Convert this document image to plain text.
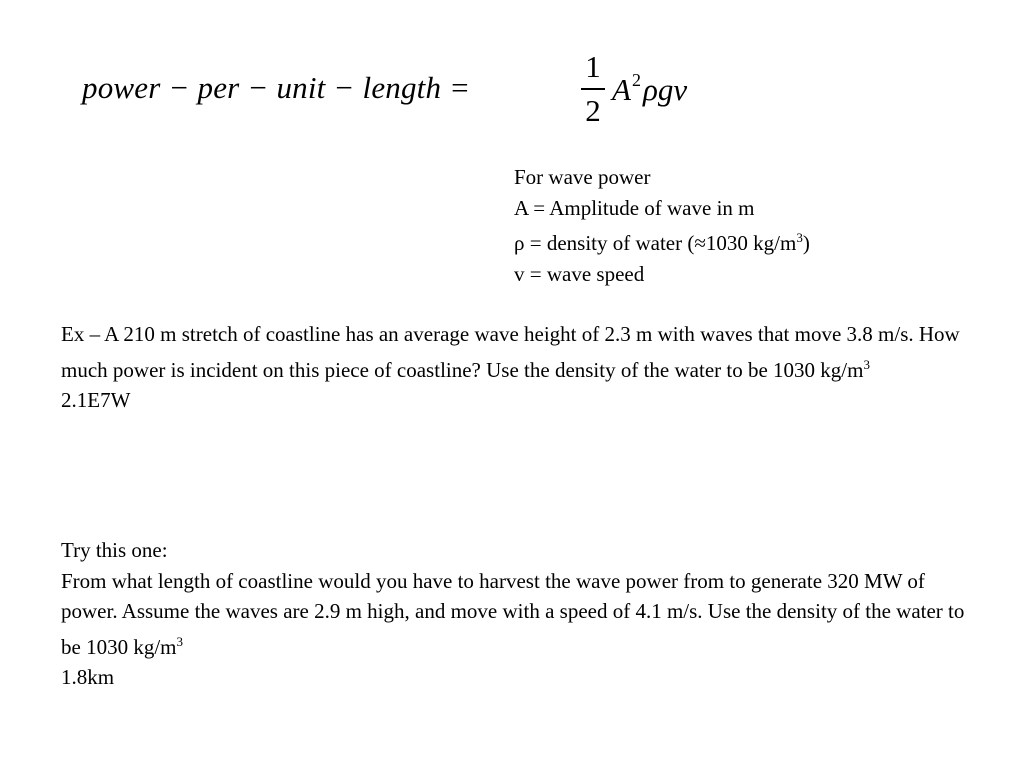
power − per − unit − length =
1
2
$A^2\rho gv$
For wave power
A = Amplitude of wave in m
ρ = density of water (≈1030 $kg/m^3$)
v = wave speed
Ex – A 210 m stretch of coastline has an average wave height of 2.3 m with waves that move 3.8 m/s. How much power is incident on this piece of coastline? Use the density of the water to be 1030 $kg/m^3$
2.1E7W
Try this one:
From what length of coastline would you have to harvest the wave power from to generate 320 MW of power. Assume the waves are 2.9 m high, and move with a speed of 4.1 m/s. Use the density of the water to be 1030 $kg/m^3$
1.8km
